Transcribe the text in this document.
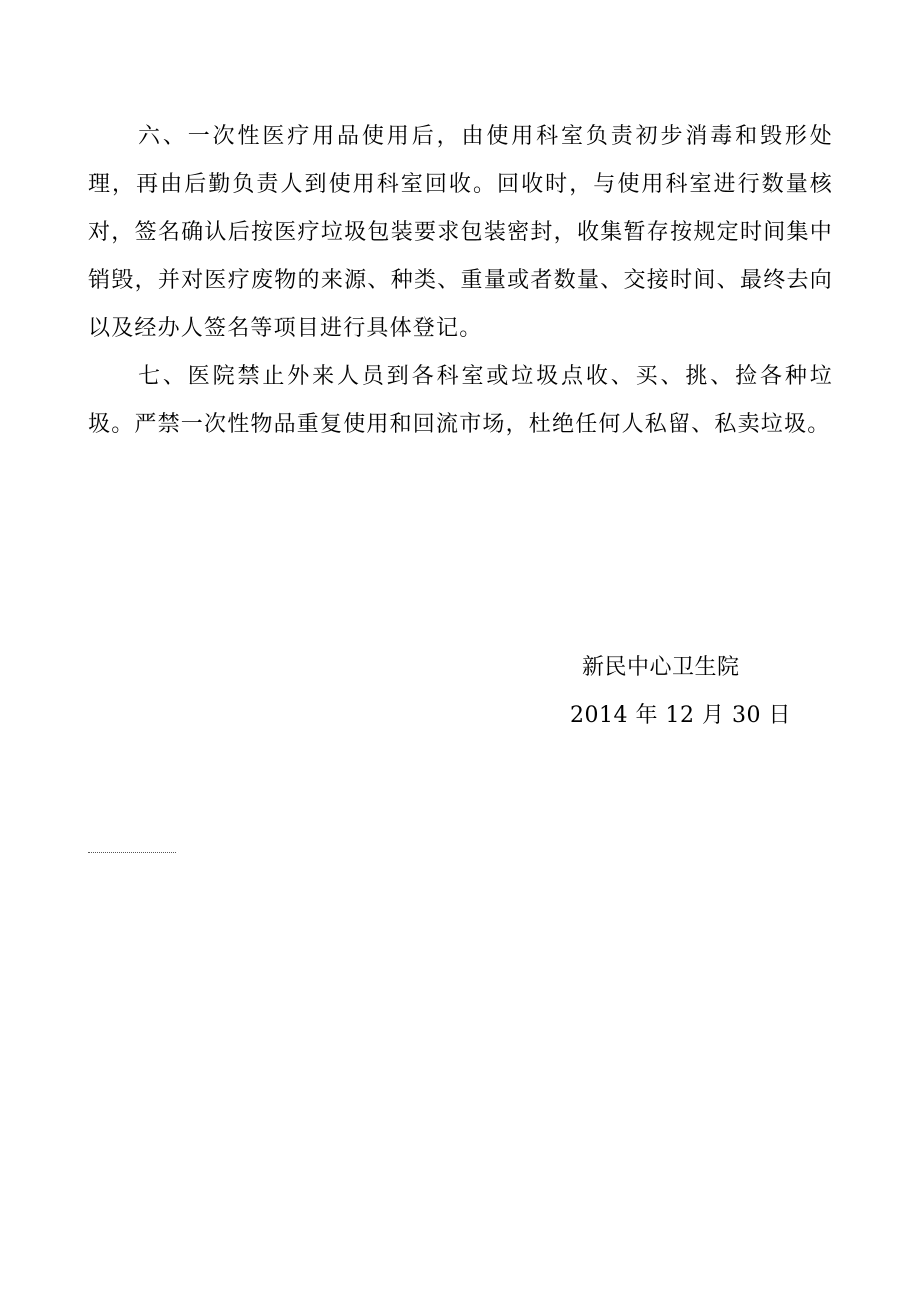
六、一次性医疗用品使用后，由使用科室负责初步消毒和毁形处理，再由后勤负责人到使用科室回收。回收时，与使用科室进行数量核对，签名确认后按医疗垃圾包装要求包装密封，收集暂存按规定时间集中销毁，并对医疗废物的来源、种类、重量或者数量、交接时间、最终去向以及经办人签名等项目进行具体登记。

七、医院禁止外来人员到各科室或垃圾点收、买、挑、捡各种垃圾。严禁一次性物品重复使用和回流市场，杜绝任何人私留、私卖垃圾。

新民中心卫生院

2014 年 12 月 30 日
